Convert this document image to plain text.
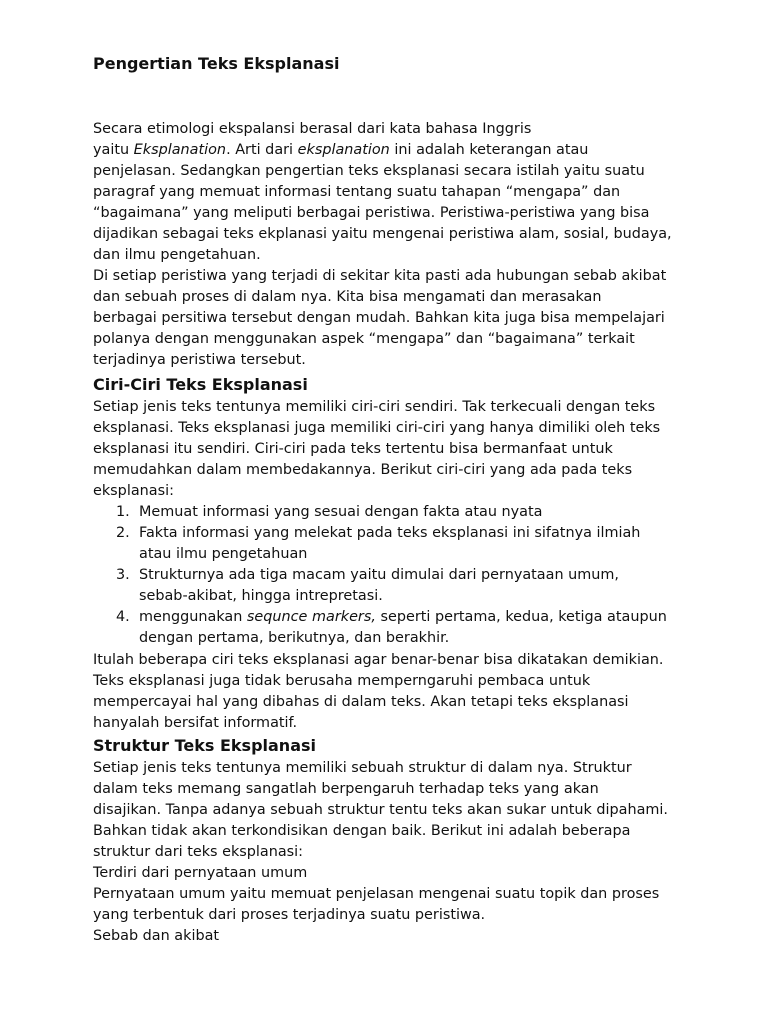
Pengertian Teks Eksplanasi
Secara etimologi ekspalansi berasal dari kata bahasa Inggris
yaitu Eksplanation. Arti dari eksplanation ini adalah keterangan atau
penjelasan. Sedangkan pengertian teks eksplanasi secara istilah yaitu suatu
paragraf yang memuat informasi tentang suatu tahapan “mengapa” dan
“bagaimana” yang meliputi berbagai peristiwa. Peristiwa-peristiwa yang bisa
dijadikan sebagai teks ekplanasi yaitu mengenai peristiwa alam, sosial, budaya,
dan ilmu pengetahuan.
Di setiap peristiwa yang terjadi di sekitar kita pasti ada hubungan sebab akibat
dan sebuah proses di dalam nya. Kita bisa mengamati dan merasakan
berbagai persitiwa tersebut dengan mudah. Bahkan kita juga bisa mempelajari
polanya dengan menggunakan aspek “mengapa” dan “bagaimana” terkait
terjadinya peristiwa tersebut.
Ciri-Ciri Teks Eksplanasi
Setiap jenis teks tentunya memiliki ciri-ciri sendiri. Tak terkecuali dengan teks
eksplanasi. Teks eksplanasi juga memiliki ciri-ciri yang hanya dimiliki oleh teks
eksplanasi itu sendiri. Ciri-ciri pada teks tertentu bisa bermanfaat untuk
memudahkan dalam membedakannya. Berikut ciri-ciri yang ada pada teks
eksplanasi:
1. Memuat informasi yang sesuai dengan fakta atau nyata
2. Fakta informasi yang melekat pada teks eksplanasi ini sifatnya ilmiah
atau ilmu pengetahuan
3. Strukturnya ada tiga macam yaitu dimulai dari pernyataan umum,
sebab-akibat, hingga intrepretasi.
4. menggunakan sequnce markers, seperti pertama, kedua, ketiga ataupun
dengan pertama, berikutnya, dan berakhir.
Itulah beberapa ciri teks eksplanasi agar benar-benar bisa dikatakan demikian.
Teks eksplanasi juga tidak berusaha memperngaruhi pembaca untuk
mempercayai hal yang dibahas di dalam teks. Akan tetapi teks eksplanasi
hanyalah bersifat informatif.
Struktur Teks Eksplanasi
Setiap jenis teks tentunya memiliki sebuah struktur di dalam nya. Struktur
dalam teks memang sangatlah berpengaruh terhadap teks yang akan
disajikan. Tanpa adanya sebuah struktur tentu teks akan sukar untuk dipahami.
Bahkan tidak akan terkondisikan dengan baik. Berikut ini adalah beberapa
struktur dari teks eksplanasi:
Terdiri dari pernyataan umum
Pernyataan umum yaitu memuat penjelasan mengenai suatu topik dan proses
yang terbentuk dari proses terjadinya suatu peristiwa.
Sebab dan akibat
